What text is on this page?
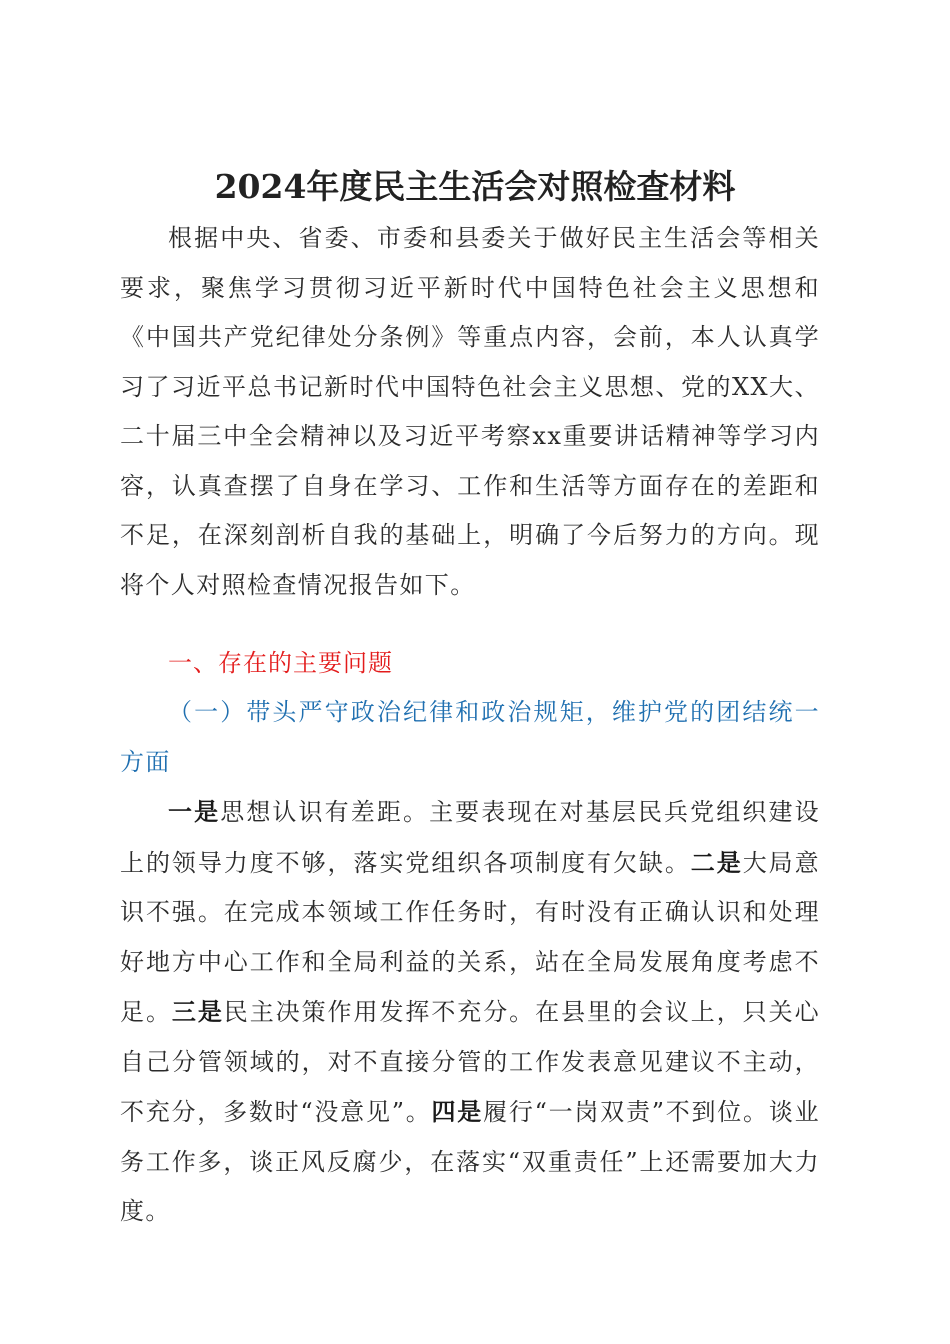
2024年度民主生活会对照检查材料

根据中央、省委、市委和县委关于做好民主生活会等相关要求，聚焦学习贯彻习近平新时代中国特色社会主义思想和《中国共产党纪律处分条例》等重点内容，会前，本人认真学习了习近平总书记新时代中国特色社会主义思想、党的XX大、二十届三中全会精神以及习近平考察xx重要讲话精神等学习内容，认真查摆了自身在学习、工作和生活等方面存在的差距和不足，在深刻剖析自我的基础上，明确了今后努力的方向。现将个人对照检查情况报告如下。

一、存在的主要问题

（一）带头严守政治纪律和政治规矩，维护党的团结统一方面

一是思想认识有差距。主要表现在对基层民兵党组织建设上的领导力度不够，落实党组织各项制度有欠缺。二是大局意识不强。在完成本领域工作任务时，有时没有正确认识和处理好地方中心工作和全局利益的关系，站在全局发展角度考虑不足。三是民主决策作用发挥不充分。在县里的会议上，只关心自己分管领域的，对不直接分管的工作发表意见建议不主动，不充分，多数时“没意见”。四是履行“一岗双责”不到位。谈业务工作多，谈正风反腐少，在落实“双重责任”上还需要加大力度。
